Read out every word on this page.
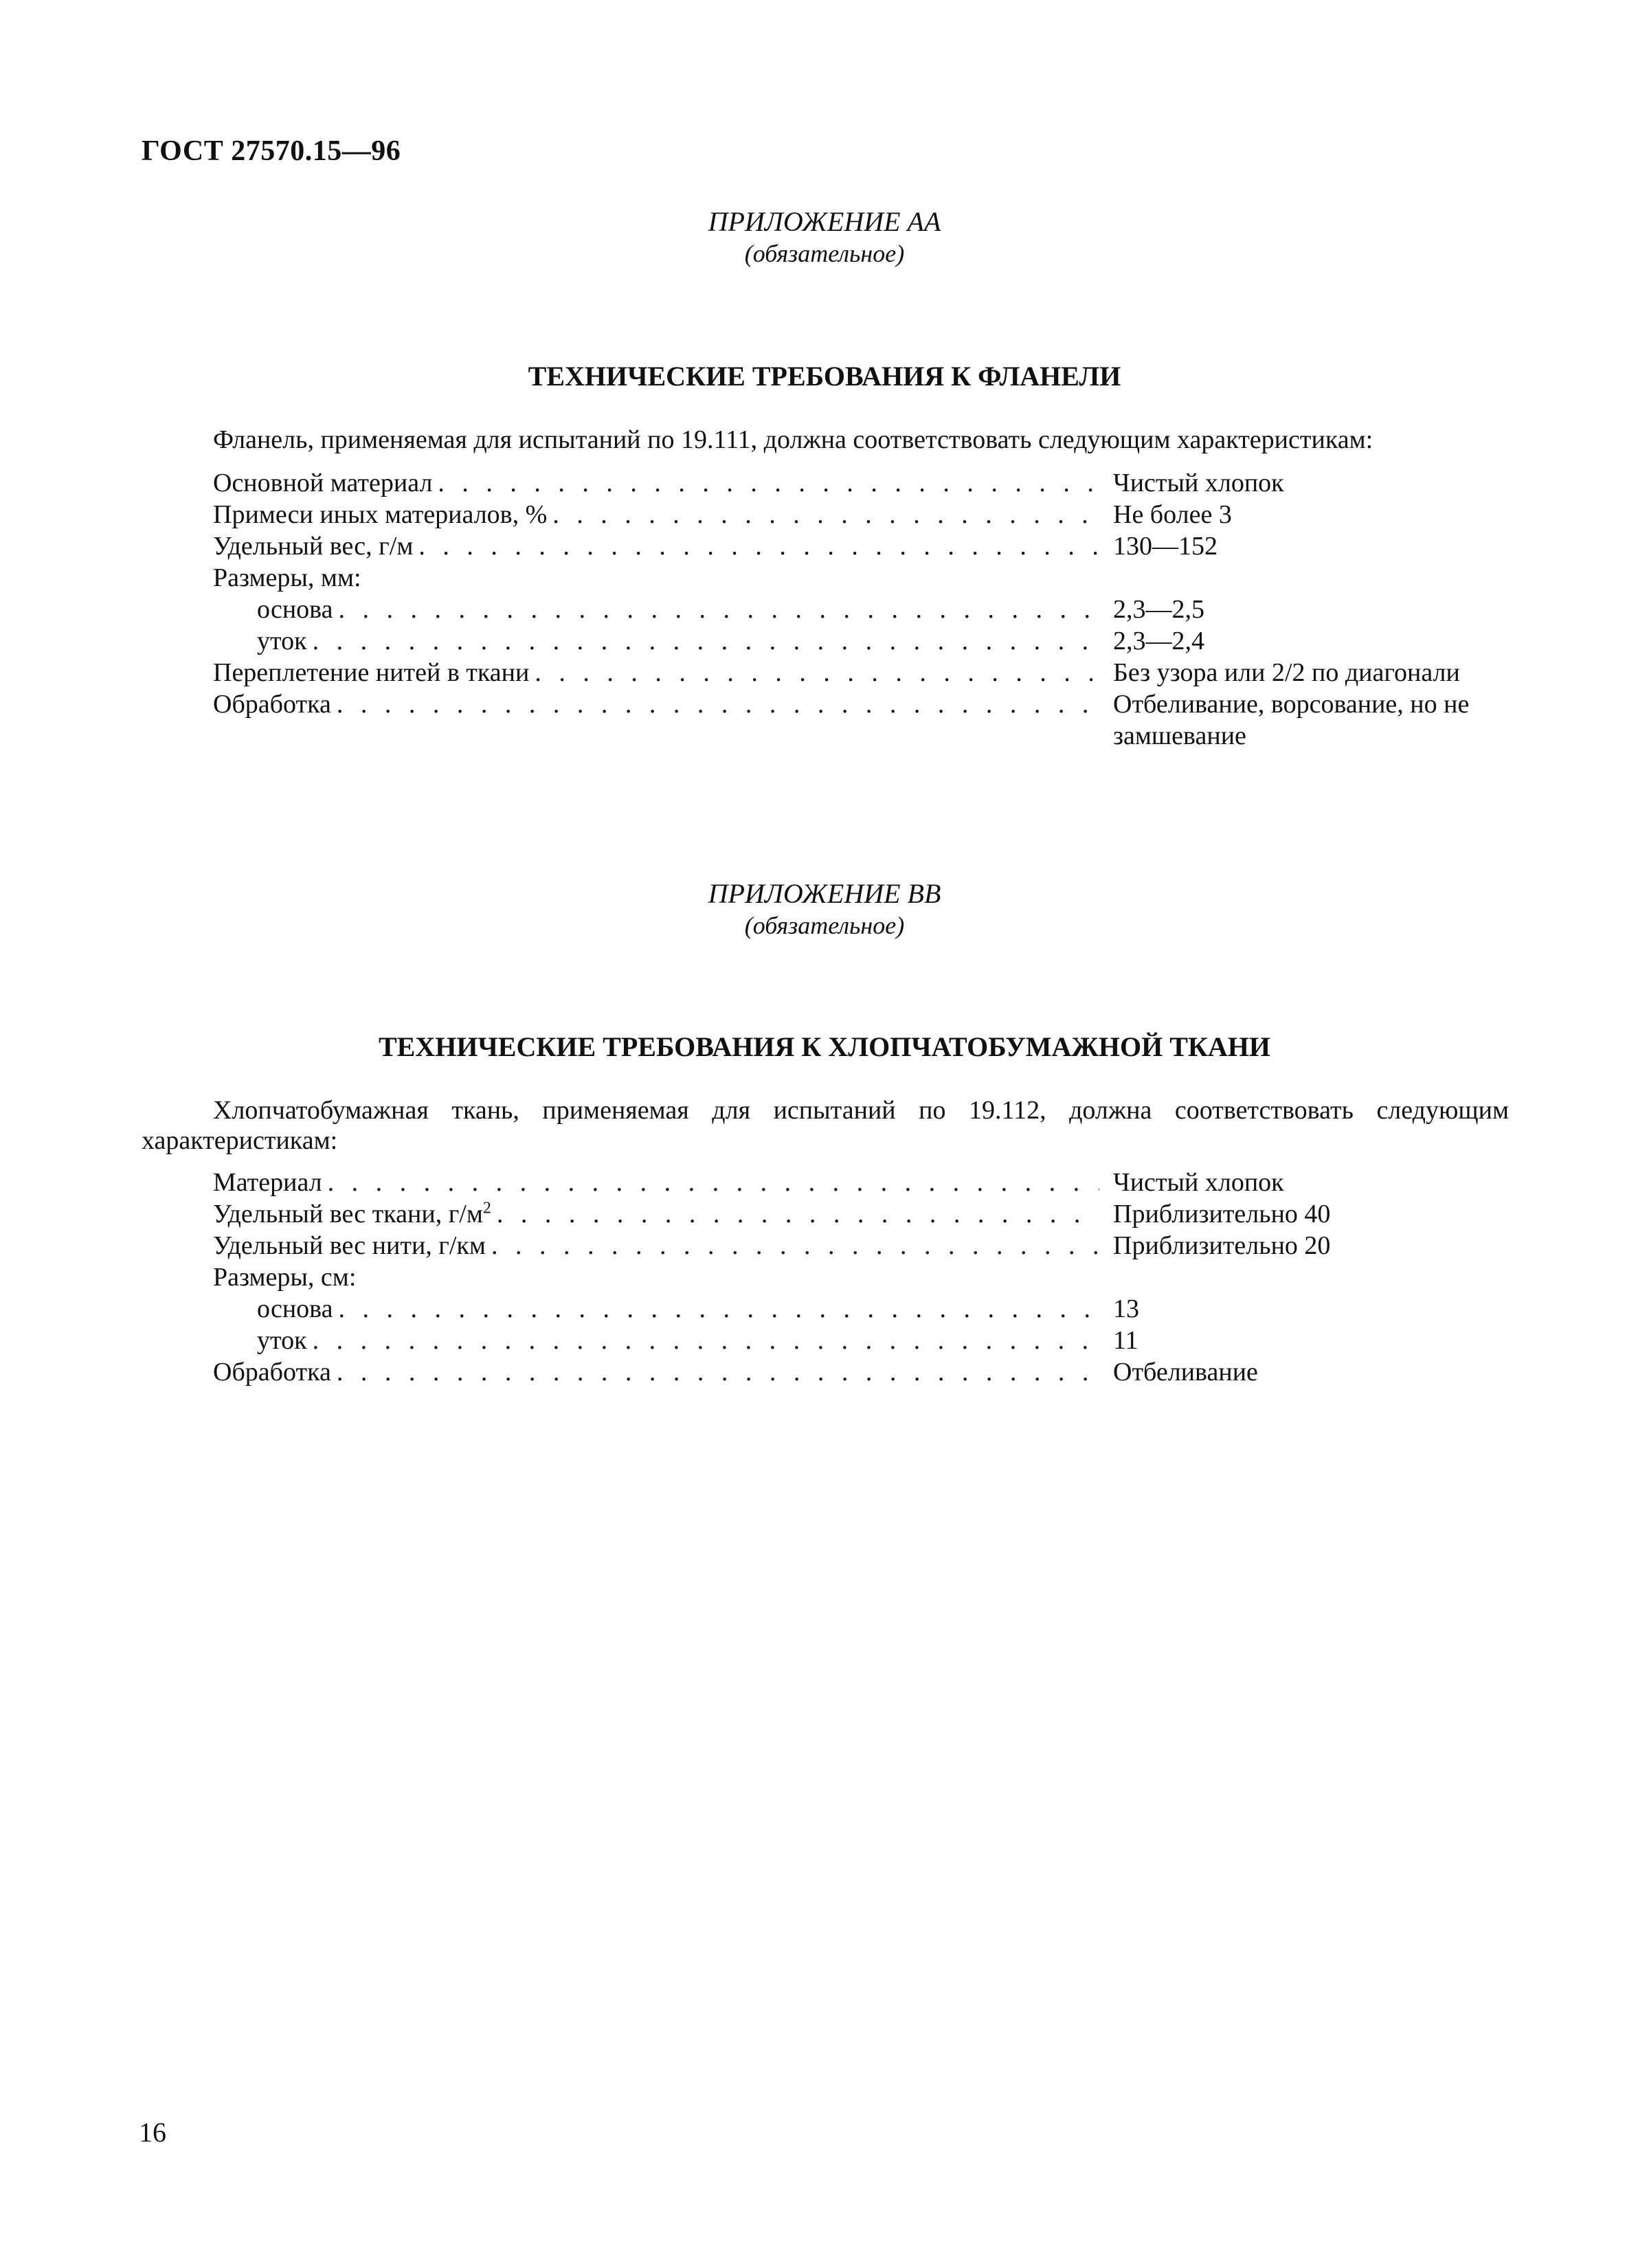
ГОСТ 27570.15—96
ПРИЛОЖЕНИЕ АА
(обязательное)
ТЕХНИЧЕСКИЕ ТРЕБОВАНИЯ К ФЛАНЕЛИ
Фланель, применяемая для испытаний по 19.111, должна соответствовать следующим характеристикам:
Основной материал . . .	Чистый хлопок
Примеси иных материалов, % . . .	Не более 3
Удельный вес, г/м . . .	130—152
Размеры, мм:
основа . . .	2,3—2,5
уток . . .	2,3—2,4
Переплетение нитей в ткани . . .	Без узора или 2/2 по диагонали
Обработка . . .	Отбеливание, ворсование, но не замшевание
ПРИЛОЖЕНИЕ ВВ
(обязательное)
ТЕХНИЧЕСКИЕ ТРЕБОВАНИЯ К ХЛОПЧАТОБУМАЖНОЙ ТКАНИ
Хлопчатобумажная ткань, применяемая для испытаний по 19.112, должна соответствовать следующим характеристикам:
Материал . . .	Чистый хлопок
Удельный вес ткани, $г/м^2$ . . .	Приблизительно 40
Удельный вес нити, г/км . . .	Приблизительно 20
Размеры, см:
основа . . .	13
уток . . .	11
Обработка . . .	Отбеливание
16
